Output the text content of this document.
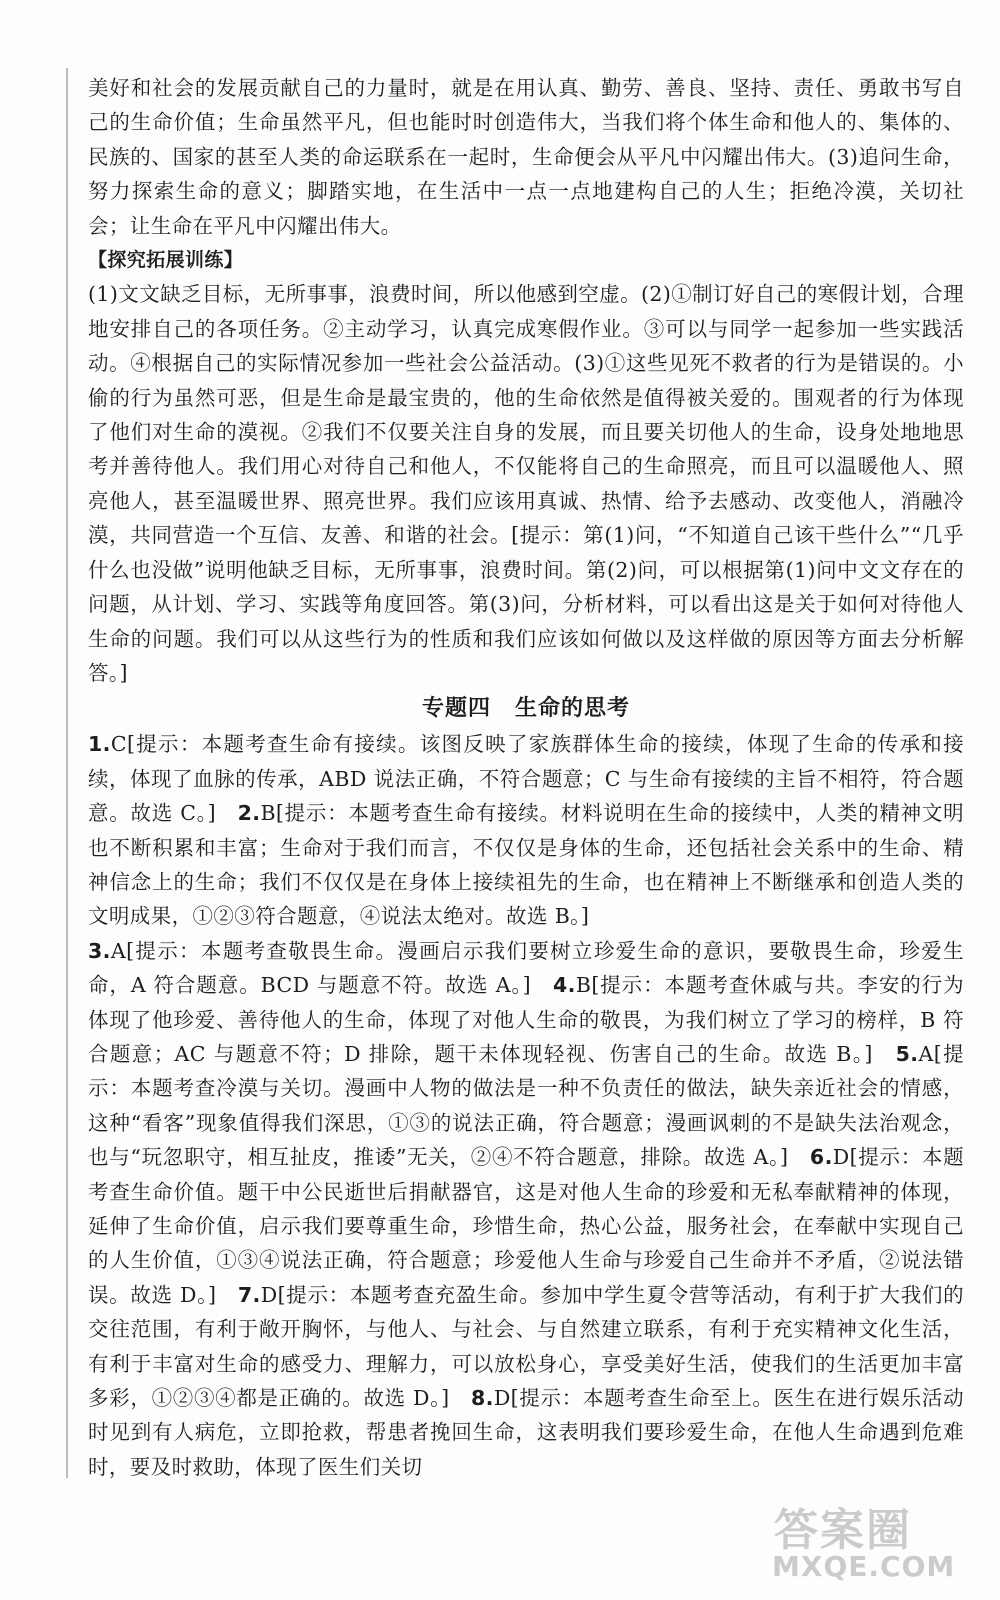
美好和社会的发展贡献自己的力量时，就是在用认真、勤劳、善良、坚持、责任、勇敢书写自己的生命价值；生命虽然平凡，但也能时时创造伟大，当我们将个体生命和他人的、集体的、民族的、国家的甚至人类的命运联系在一起时，生命便会从平凡中闪耀出伟大。(3)追问生命，努力探索生命的意义；脚踏实地，在生活中一点一点地建构自己的人生；拒绝冷漠，关切社会；让生命在平凡中闪耀出伟大。

【探究拓展训练】

(1)文文缺乏目标，无所事事，浪费时间，所以他感到空虚。(2)①制订好自己的寒假计划，合理地安排自己的各项任务。②主动学习，认真完成寒假作业。③可以与同学一起参加一些实践活动。④根据自己的实际情况参加一些社会公益活动。(3)①这些见死不救者的行为是错误的。小偷的行为虽然可恶，但是生命是最宝贵的，他的生命依然是值得被关爱的。围观者的行为体现了他们对生命的漠视。②我们不仅要关注自身的发展，而且要关切他人的生命，设身处地地思考并善待他人。我们用心对待自己和他人，不仅能将自己的生命照亮，而且可以温暖他人、照亮他人，甚至温暖世界、照亮世界。我们应该用真诚、热情、给予去感动、改变他人，消融冷漠，共同营造一个互信、友善、和谐的社会。[提示：第(1)问，“不知道自己该干些什么”“几乎什么也没做”说明他缺乏目标，无所事事，浪费时间。第(2)问，可以根据第(1)问中文文存在的问题，从计划、学习、实践等角度回答。第(3)问，分析材料，可以看出这是关于如何对待他人生命的问题。我们可以从这些行为的性质和我们应该如何做以及这样做的原因等方面去分析解答。]

专题四 生命的思考

1.C[提示：本题考查生命有接续。该图反映了家族群体生命的接续，体现了生命的传承和接续，体现了血脉的传承，ABD 说法正确，不符合题意；C 与生命有接续的主旨不相符，符合题意。故选 C。]　2.B[提示：本题考查生命有接续。材料说明在生命的接续中，人类的精神文明也不断积累和丰富；生命对于我们而言，不仅仅是身体的生命，还包括社会关系中的生命、精神信念上的生命；我们不仅仅是在身体上接续祖先的生命，也在精神上不断继承和创造人类的文明成果，①②③符合题意，④说法太绝对。故选 B。]

3.A[提示：本题考查敬畏生命。漫画启示我们要树立珍爱生命的意识，要敬畏生命，珍爱生命，A 符合题意。BCD 与题意不符。故选 A。]　4.B[提示：本题考查休戚与共。李安的行为体现了他珍爱、善待他人的生命，体现了对他人生命的敬畏，为我们树立了学习的榜样，B 符合题意；AC 与题意不符；D 排除，题干未体现轻视、伤害自己的生命。故选 B。]　5.A[提示：本题考查冷漠与关切。漫画中人物的做法是一种不负责任的做法，缺失亲近社会的情感，这种“看客”现象值得我们深思，①③的说法正确，符合题意；漫画讽刺的不是缺失法治观念，也与“玩忽职守，相互扯皮，推诿”无关，②④不符合题意，排除。故选 A。]　6.D[提示：本题考查生命价值。题干中公民逝世后捐献器官，这是对他人生命的珍爱和无私奉献精神的体现，延伸了生命价值，启示我们要尊重生命，珍惜生命，热心公益，服务社会，在奉献中实现自己的人生价值，①③④说法正确，符合题意；珍爱他人生命与珍爱自己生命并不矛盾，②说法错误。故选 D。]　7.D[提示：本题考查充盈生命。参加中学生夏令营等活动，有利于扩大我们的交往范围，有利于敞开胸怀，与他人、与社会、与自然建立联系，有利于充实精神文化生活，有利于丰富对生命的感受力、理解力，可以放松身心，享受美好生活，使我们的生活更加丰富多彩，①②③④都是正确的。故选 D。]　8.D[提示：本题考查生命至上。医生在进行娱乐活动时见到有人病危，立即抢救，帮患者挽回生命，这表明我们要珍爱生命，在他人生命遇到危难时，要及时救助，体现了医生们关切

答案圈
MXQE.COM
